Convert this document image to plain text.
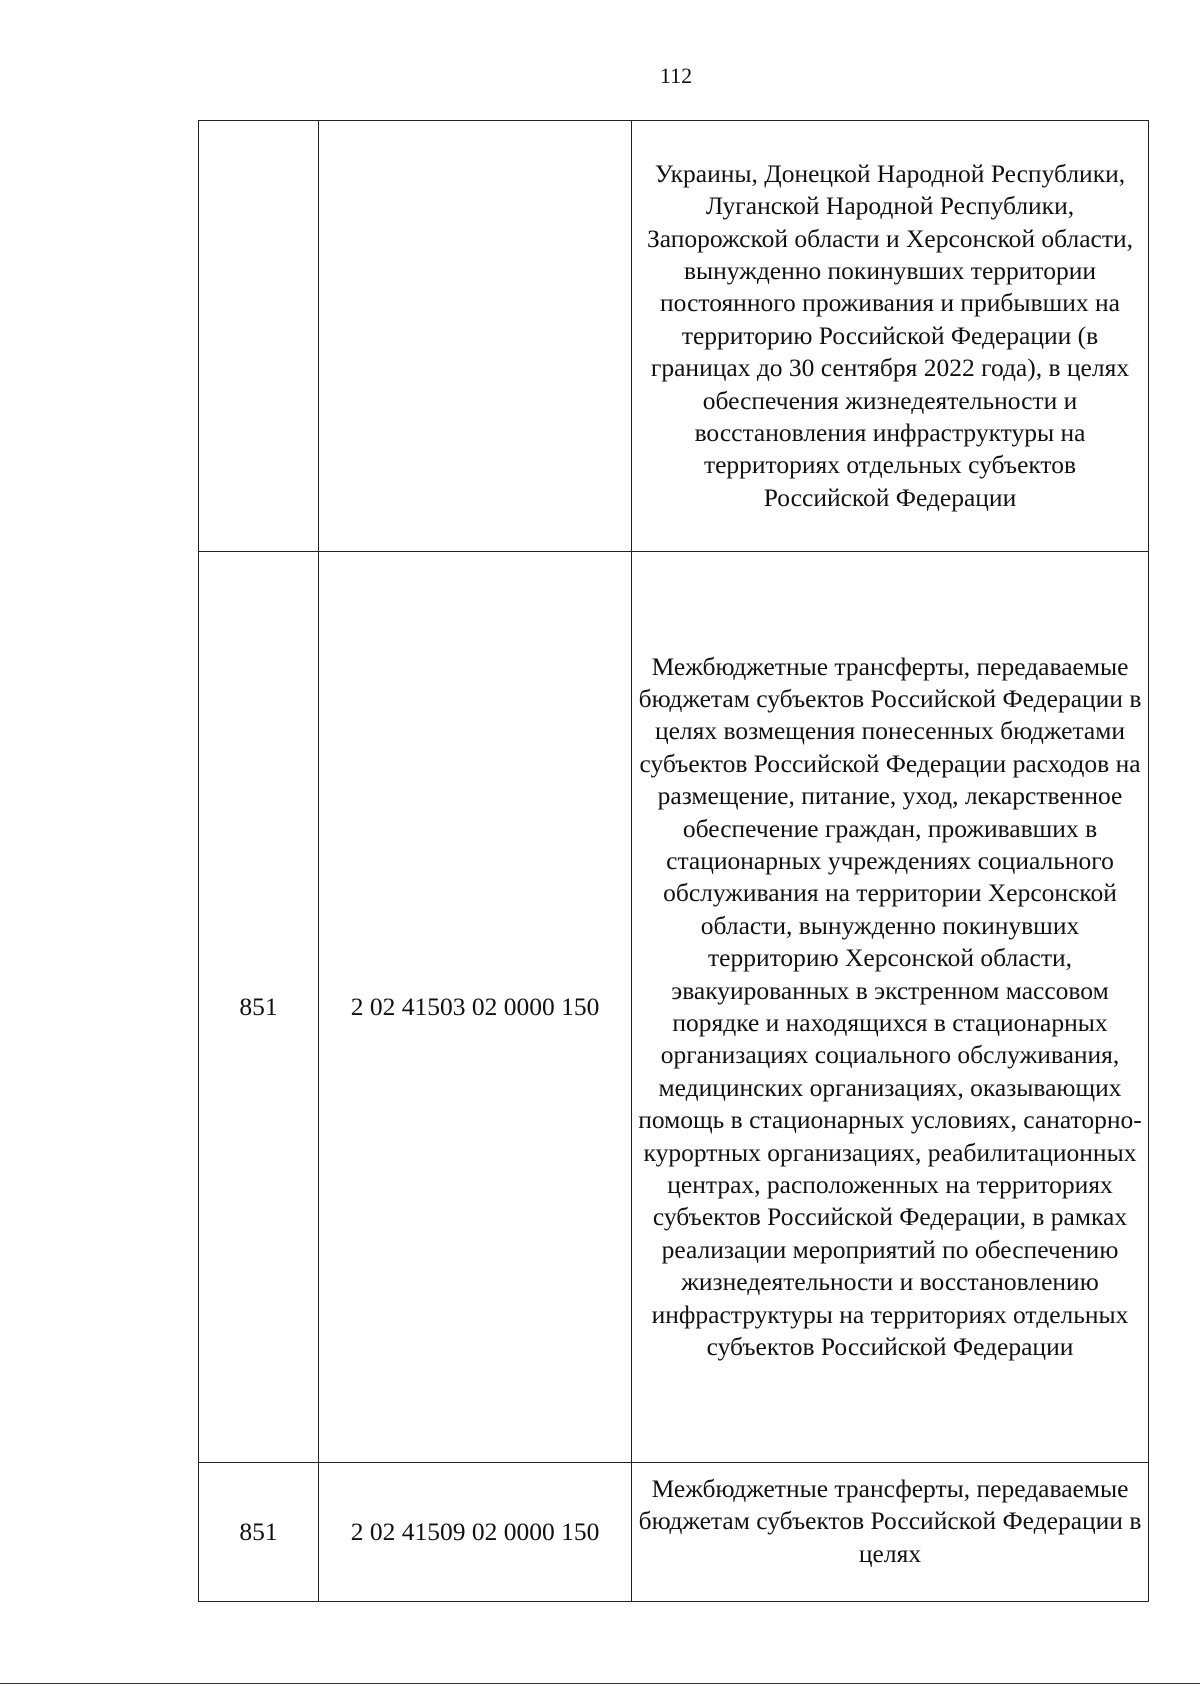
112
		Украины, Донецкой Народной Республики, Луганской Народной Республики, Запорожской области и Херсонской области, вынужденно покинувших территории постоянного проживания и прибывших на территорию Российской Федерации (в границах до 30 сентября 2022 года), в целях обеспечения жизнедеятельности и восстановления инфраструктуры на территориях отдельных субъектов Российской Федерации
851	2 02 41503 02 0000 150	Межбюджетные трансферты, передаваемые бюджетам субъектов Российской Федерации в целях возмещения понесенных бюджетами субъектов Российской Федерации расходов на размещение, питание, уход, лекарственное обеспечение граждан, проживавших в стационарных учреждениях социального обслуживания на территории Херсонской области, вынужденно покинувших территорию Херсонской области, эвакуированных в экстренном массовом порядке и находящихся в стационарных организациях социального обслуживания, медицинских организациях, оказывающих помощь в стационарных условиях, санаторно-курортных организациях, реабилитационных центрах, расположенных на территориях субъектов Российской Федерации, в рамках реализации мероприятий по обеспечению жизнедеятельности и восстановлению инфраструктуры на территориях отдельных субъектов Российской Федерации
851	2 02 41509 02 0000 150	Межбюджетные трансферты, передаваемые бюджетам субъектов Российской Федерации в целях
